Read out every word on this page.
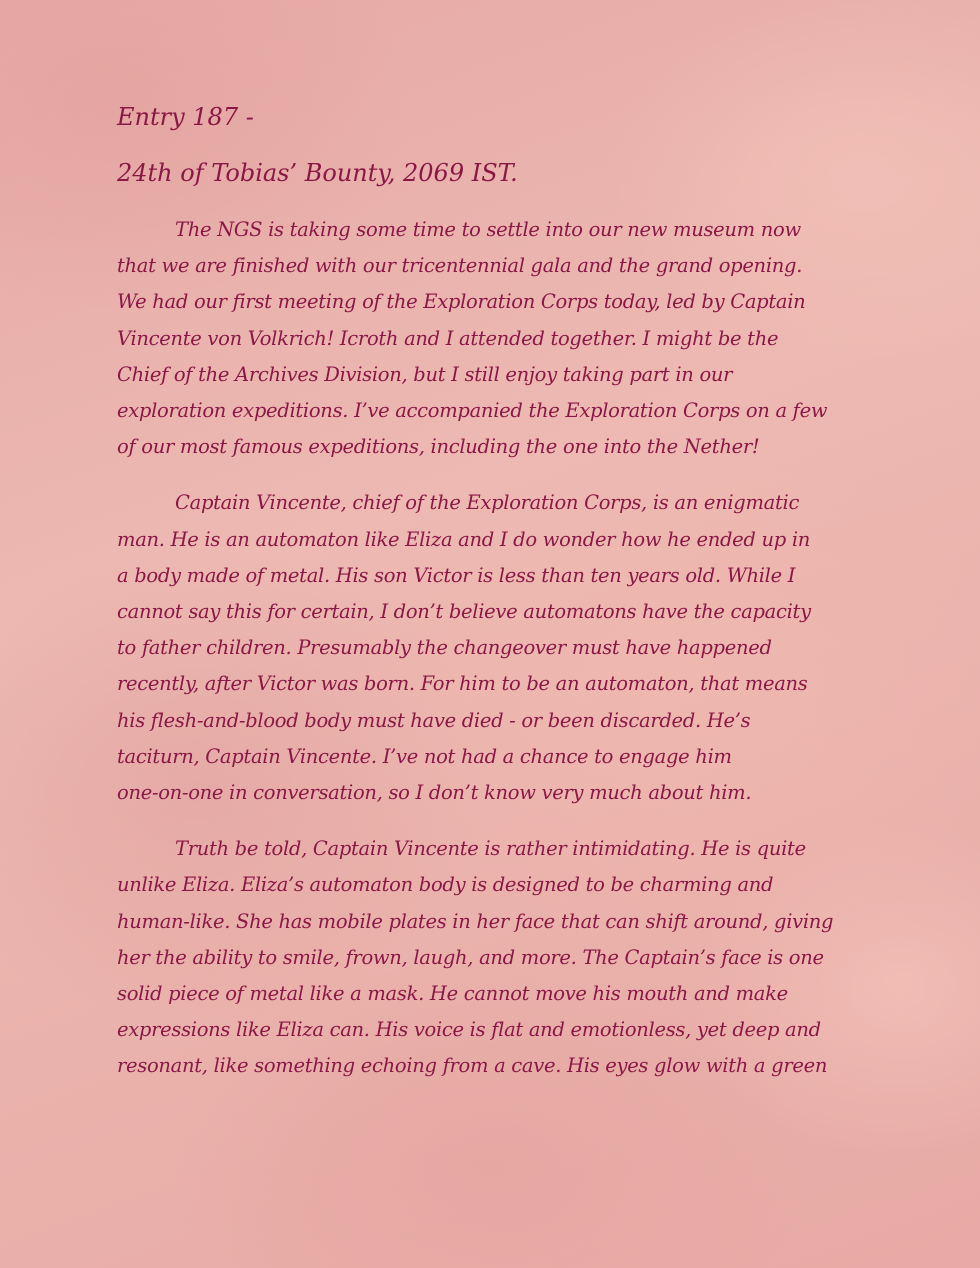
Entry 187 -
24th of Tobias’ Bounty, 2069 IST.

The NGS is taking some time to settle into our new museum now
that we are finished with our tricentennial gala and the grand opening.
We had our first meeting of the Exploration Corps today, led by Captain
Vincente von Volkrich! Icroth and I attended together. I might be the
Chief of the Archives Division, but I still enjoy taking part in our
exploration expeditions. I’ve accompanied the Exploration Corps on a few
of our most famous expeditions, including the one into the Nether!

Captain Vincente, chief of the Exploration Corps, is an enigmatic
man. He is an automaton like Eliza and I do wonder how he ended up in
a body made of metal. His son Victor is less than ten years old. While I
cannot say this for certain, I don’t believe automatons have the capacity
to father children. Presumably the changeover must have happened
recently, after Victor was born. For him to be an automaton, that means
his flesh-and-blood body must have died - or been discarded. He’s
taciturn, Captain Vincente. I’ve not had a chance to engage him
one-on-one in conversation, so I don’t know very much about him.

Truth be told, Captain Vincente is rather intimidating. He is quite
unlike Eliza. Eliza’s automaton body is designed to be charming and
human-like. She has mobile plates in her face that can shift around, giving
her the ability to smile, frown, laugh, and more. The Captain’s face is one
solid piece of metal like a mask. He cannot move his mouth and make
expressions like Eliza can. His voice is flat and emotionless, yet deep and
resonant, like something echoing from a cave. His eyes glow with a green
